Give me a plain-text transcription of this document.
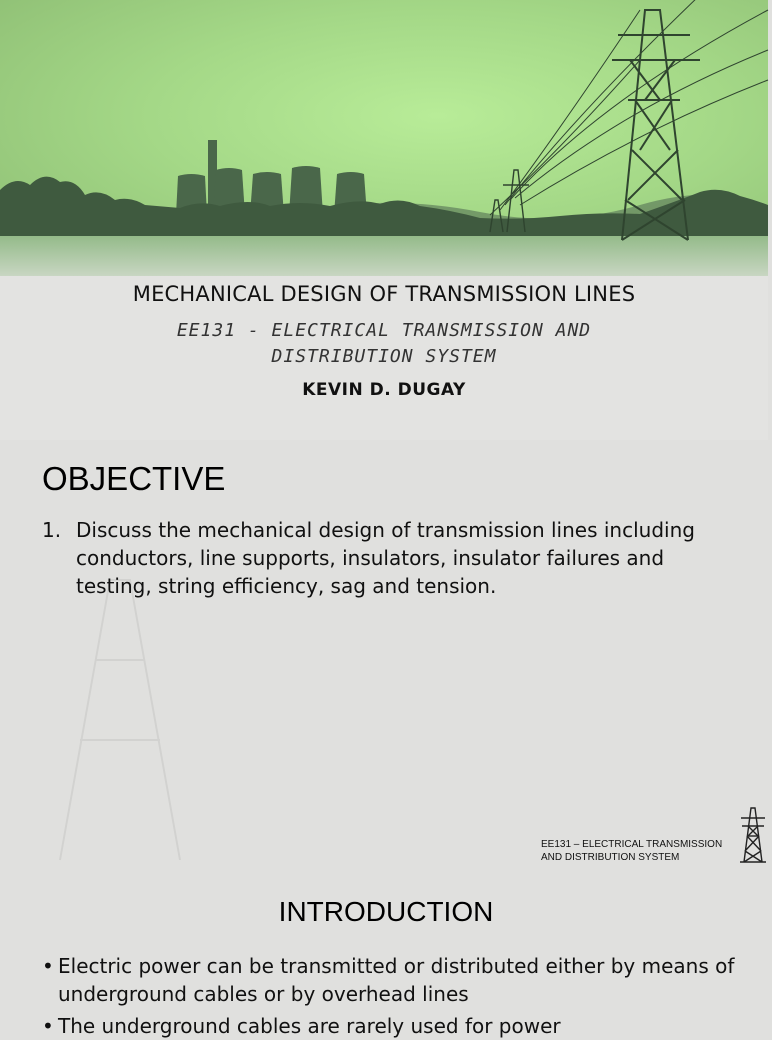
MECHANICAL DESIGN OF TRANSMISSION LINES
EE131 - ELECTRICAL TRANSMISSION AND
DISTRIBUTION SYSTEM
KEVIN D. DUGAY
OBJECTIVE
1. Discuss the mechanical design of transmission lines including conductors, line supports, insulators, insulator failures and testing, string efficiency, sag and tension.
EE131 – ELECTRICAL TRANSMISSION
AND DISTRIBUTION SYSTEM
INTRODUCTION
• Electric power can be transmitted or distributed either by means of underground cables or by overhead lines
• The underground cables are rarely used for power
